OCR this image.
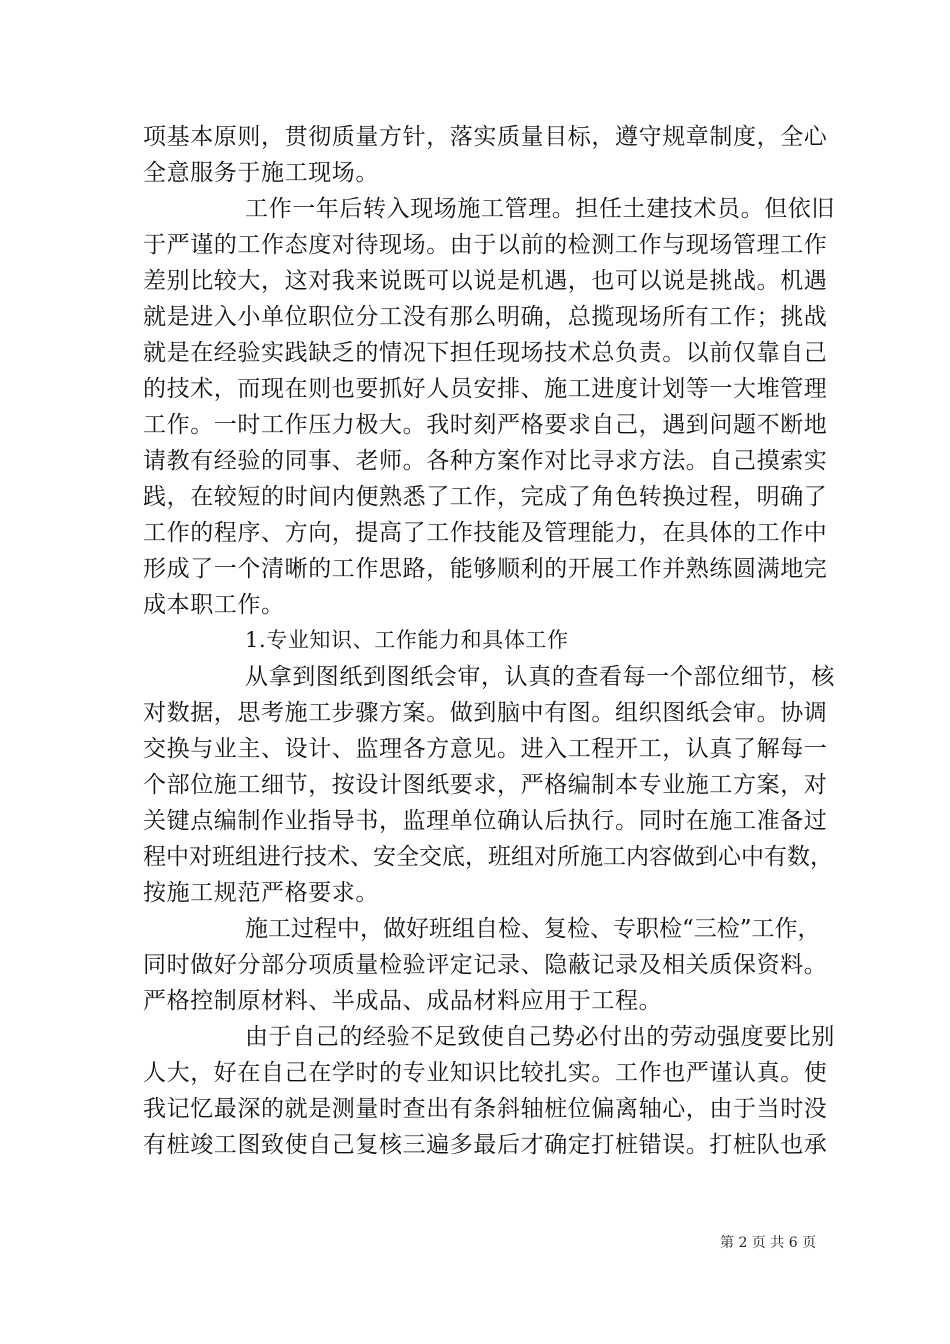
项基本原则，贯彻质量方针，落实质量目标，遵守规章制度，全心
全意服务于施工现场。
工作一年后转入现场施工管理。担任土建技术员。但依旧
于严谨的工作态度对待现场。由于以前的检测工作与现场管理工作
差别比较大，这对我来说既可以说是机遇，也可以说是挑战。机遇
就是进入小单位职位分工没有那么明确，总揽现场所有工作；挑战
就是在经验实践缺乏的情况下担任现场技术总负责。以前仅靠自己
的技术，而现在则也要抓好人员安排、施工进度计划等一大堆管理
工作。一时工作压力极大。我时刻严格要求自己，遇到问题不断地
请教有经验的同事、老师。各种方案作对比寻求方法。自己摸索实
践，在较短的时间内便熟悉了工作，完成了角色转换过程，明确了
工作的程序、方向，提高了工作技能及管理能力，在具体的工作中
形成了一个清晰的工作思路，能够顺利的开展工作并熟练圆满地完
成本职工作。
1.专业知识、工作能力和具体工作
从拿到图纸到图纸会审，认真的查看每一个部位细节，核
对数据，思考施工步骤方案。做到脑中有图。组织图纸会审。协调
交换与业主、设计、监理各方意见。进入工程开工，认真了解每一
个部位施工细节，按设计图纸要求，严格编制本专业施工方案，对
关键点编制作业指导书，监理单位确认后执行。同时在施工准备过
程中对班组进行技术、安全交底，班组对所施工内容做到心中有数，
按施工规范严格要求。
施工过程中，做好班组自检、复检、专职检“三检”工作，
同时做好分部分项质量检验评定记录、隐蔽记录及相关质保资料。
严格控制原材料、半成品、成品材料应用于工程。
由于自己的经验不足致使自己势必付出的劳动强度要比别
人大，好在自己在学时的专业知识比较扎实。工作也严谨认真。使
我记忆最深的就是测量时查出有条斜轴桩位偏离轴心，由于当时没
有桩竣工图致使自己复核三遍多最后才确定打桩错误。打桩队也承
第 2 页 共 6 页
